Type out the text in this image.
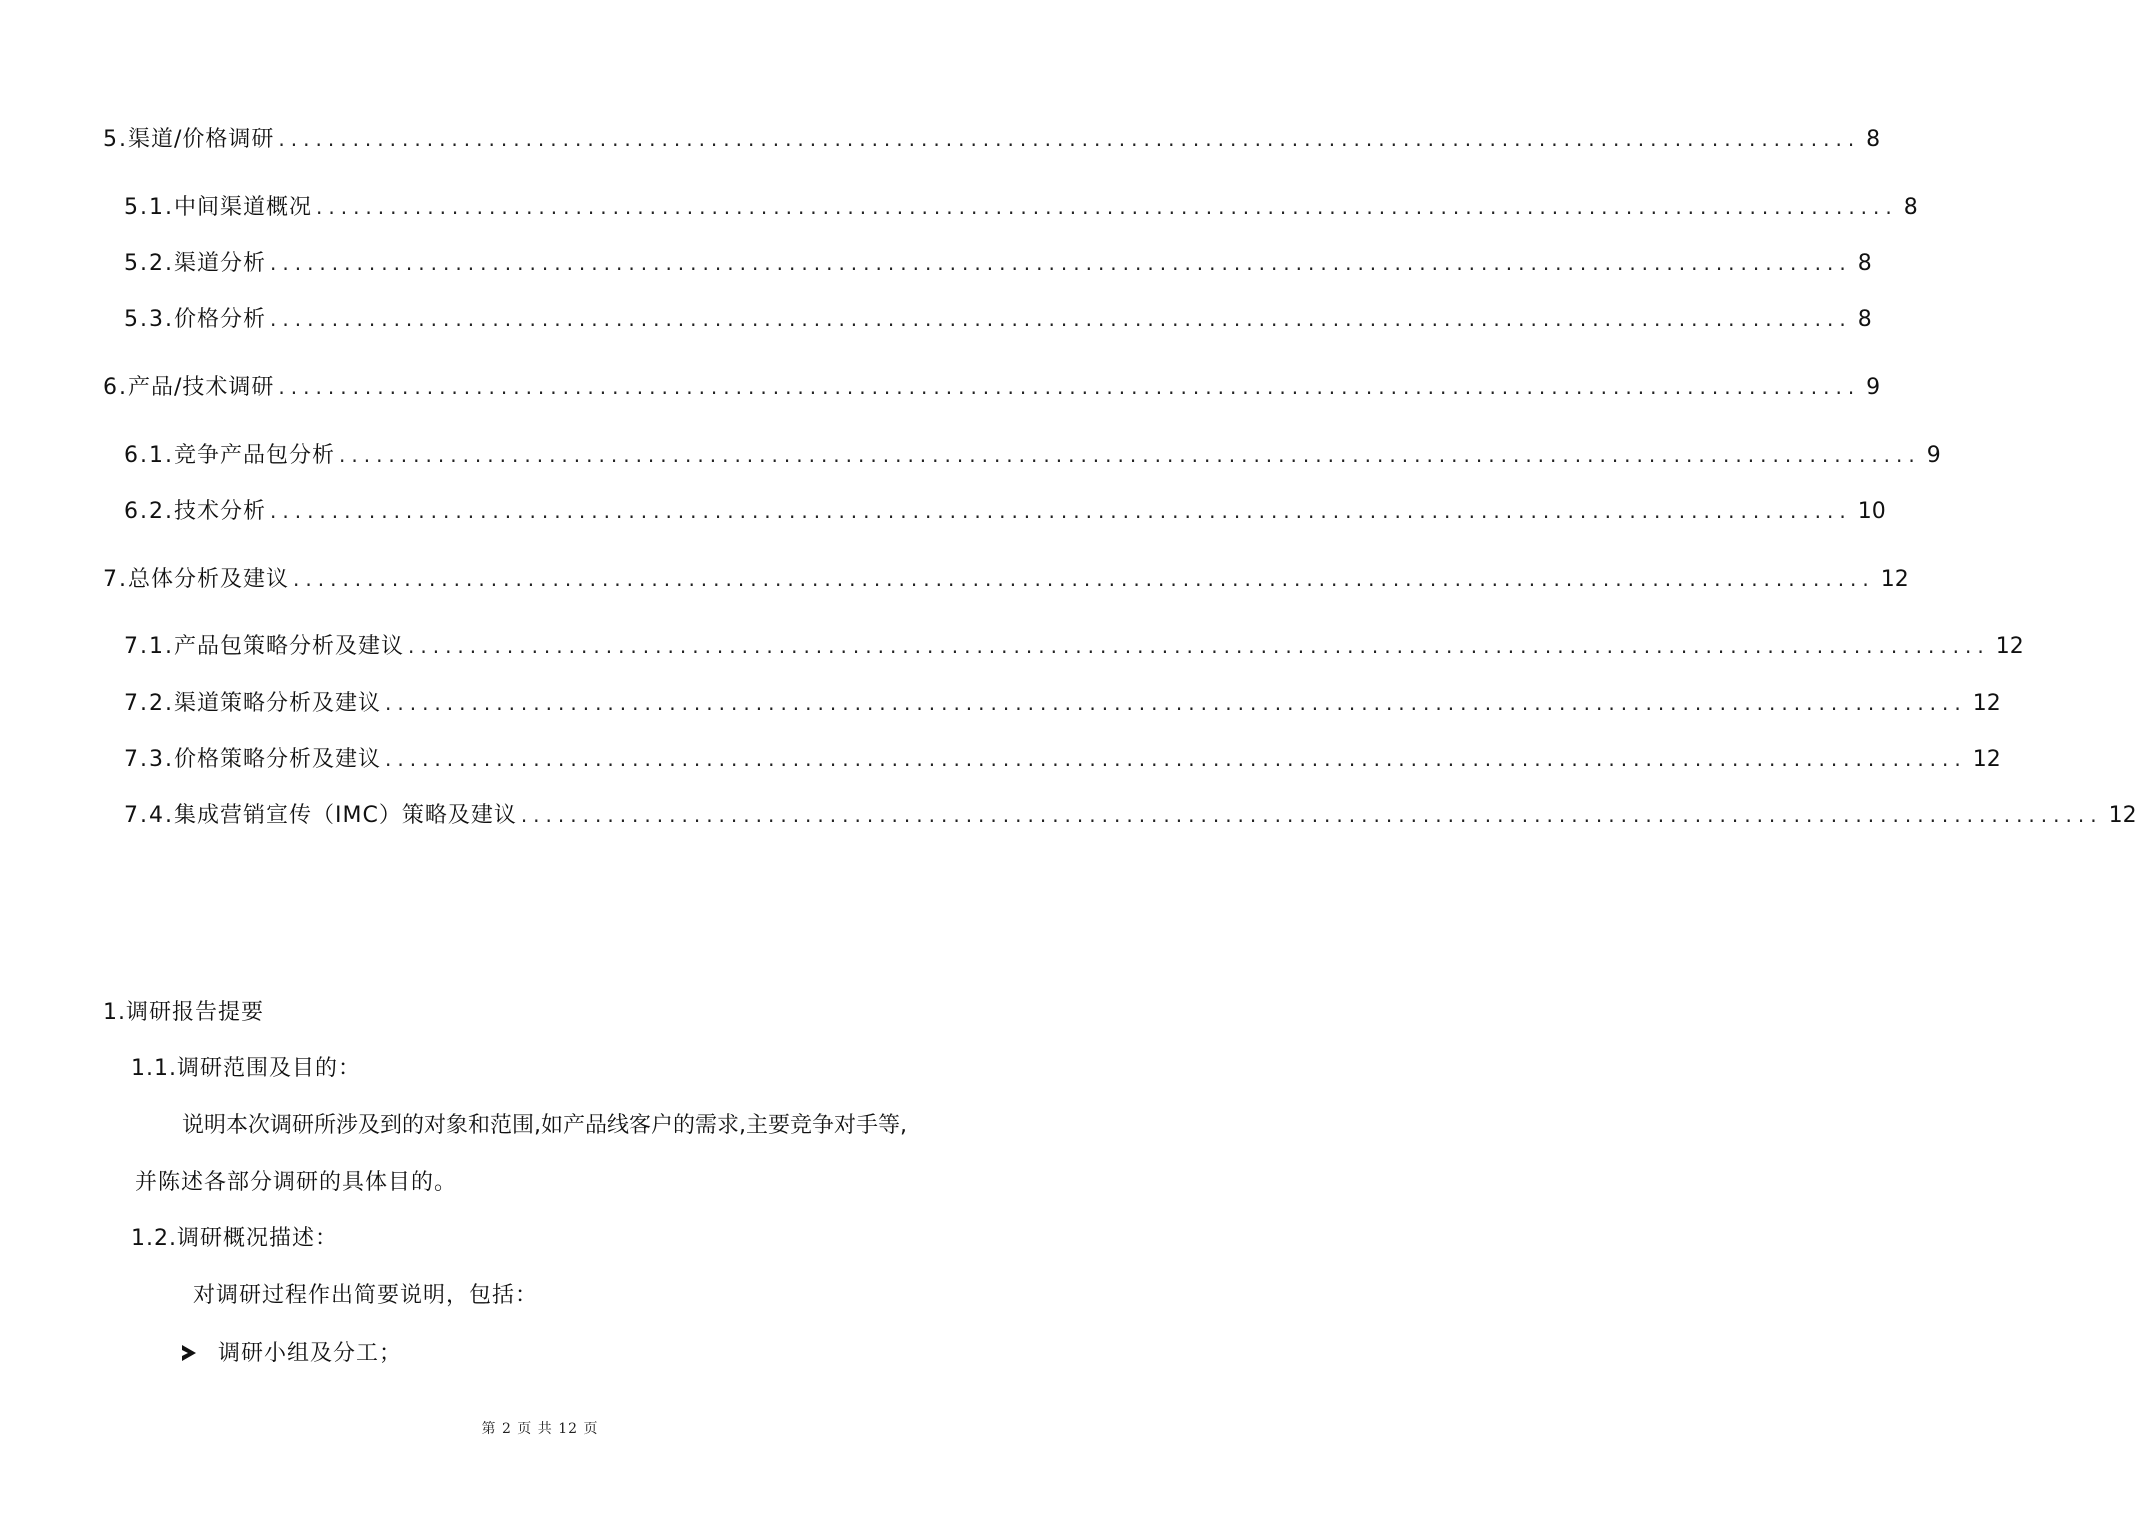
5. 渠道/价格调研 ................................................................................................................................ 8
5.1. 中间渠道概况 ................................................................................................................................ 8
5.2. 渠道分析 ................................................................................................................................ 8
5.3. 价格分析 ................................................................................................................................ 8
6. 产品/技术调研 ................................................................................................................................ 9
6.1. 竞争产品包分析 ................................................................................................................................ 9
6.2. 技术分析 ................................................................................................................................ 10
7. 总体分析及建议 ................................................................................................................................ 12
7.1. 产品包策略分析及建议 ................................................................................................................................ 12
7.2. 渠道策略分析及建议 ................................................................................................................................ 12
7.3. 价格策略分析及建议 ................................................................................................................................ 12
7.4. 集成营销宣传（IMC）策略及建议 ................................................................................................................................ 12
1.调研报告提要
1.1.调研范围及目的：
说明本次调研所涉及到的对象和范围,如产品线客户的需求,主要竞争对手等,
并陈述各部分调研的具体目的。
1.2.调研概况描述：
对调研过程作出简要说明，包括：
调研小组及分工；
第 2 页 共 12 页
